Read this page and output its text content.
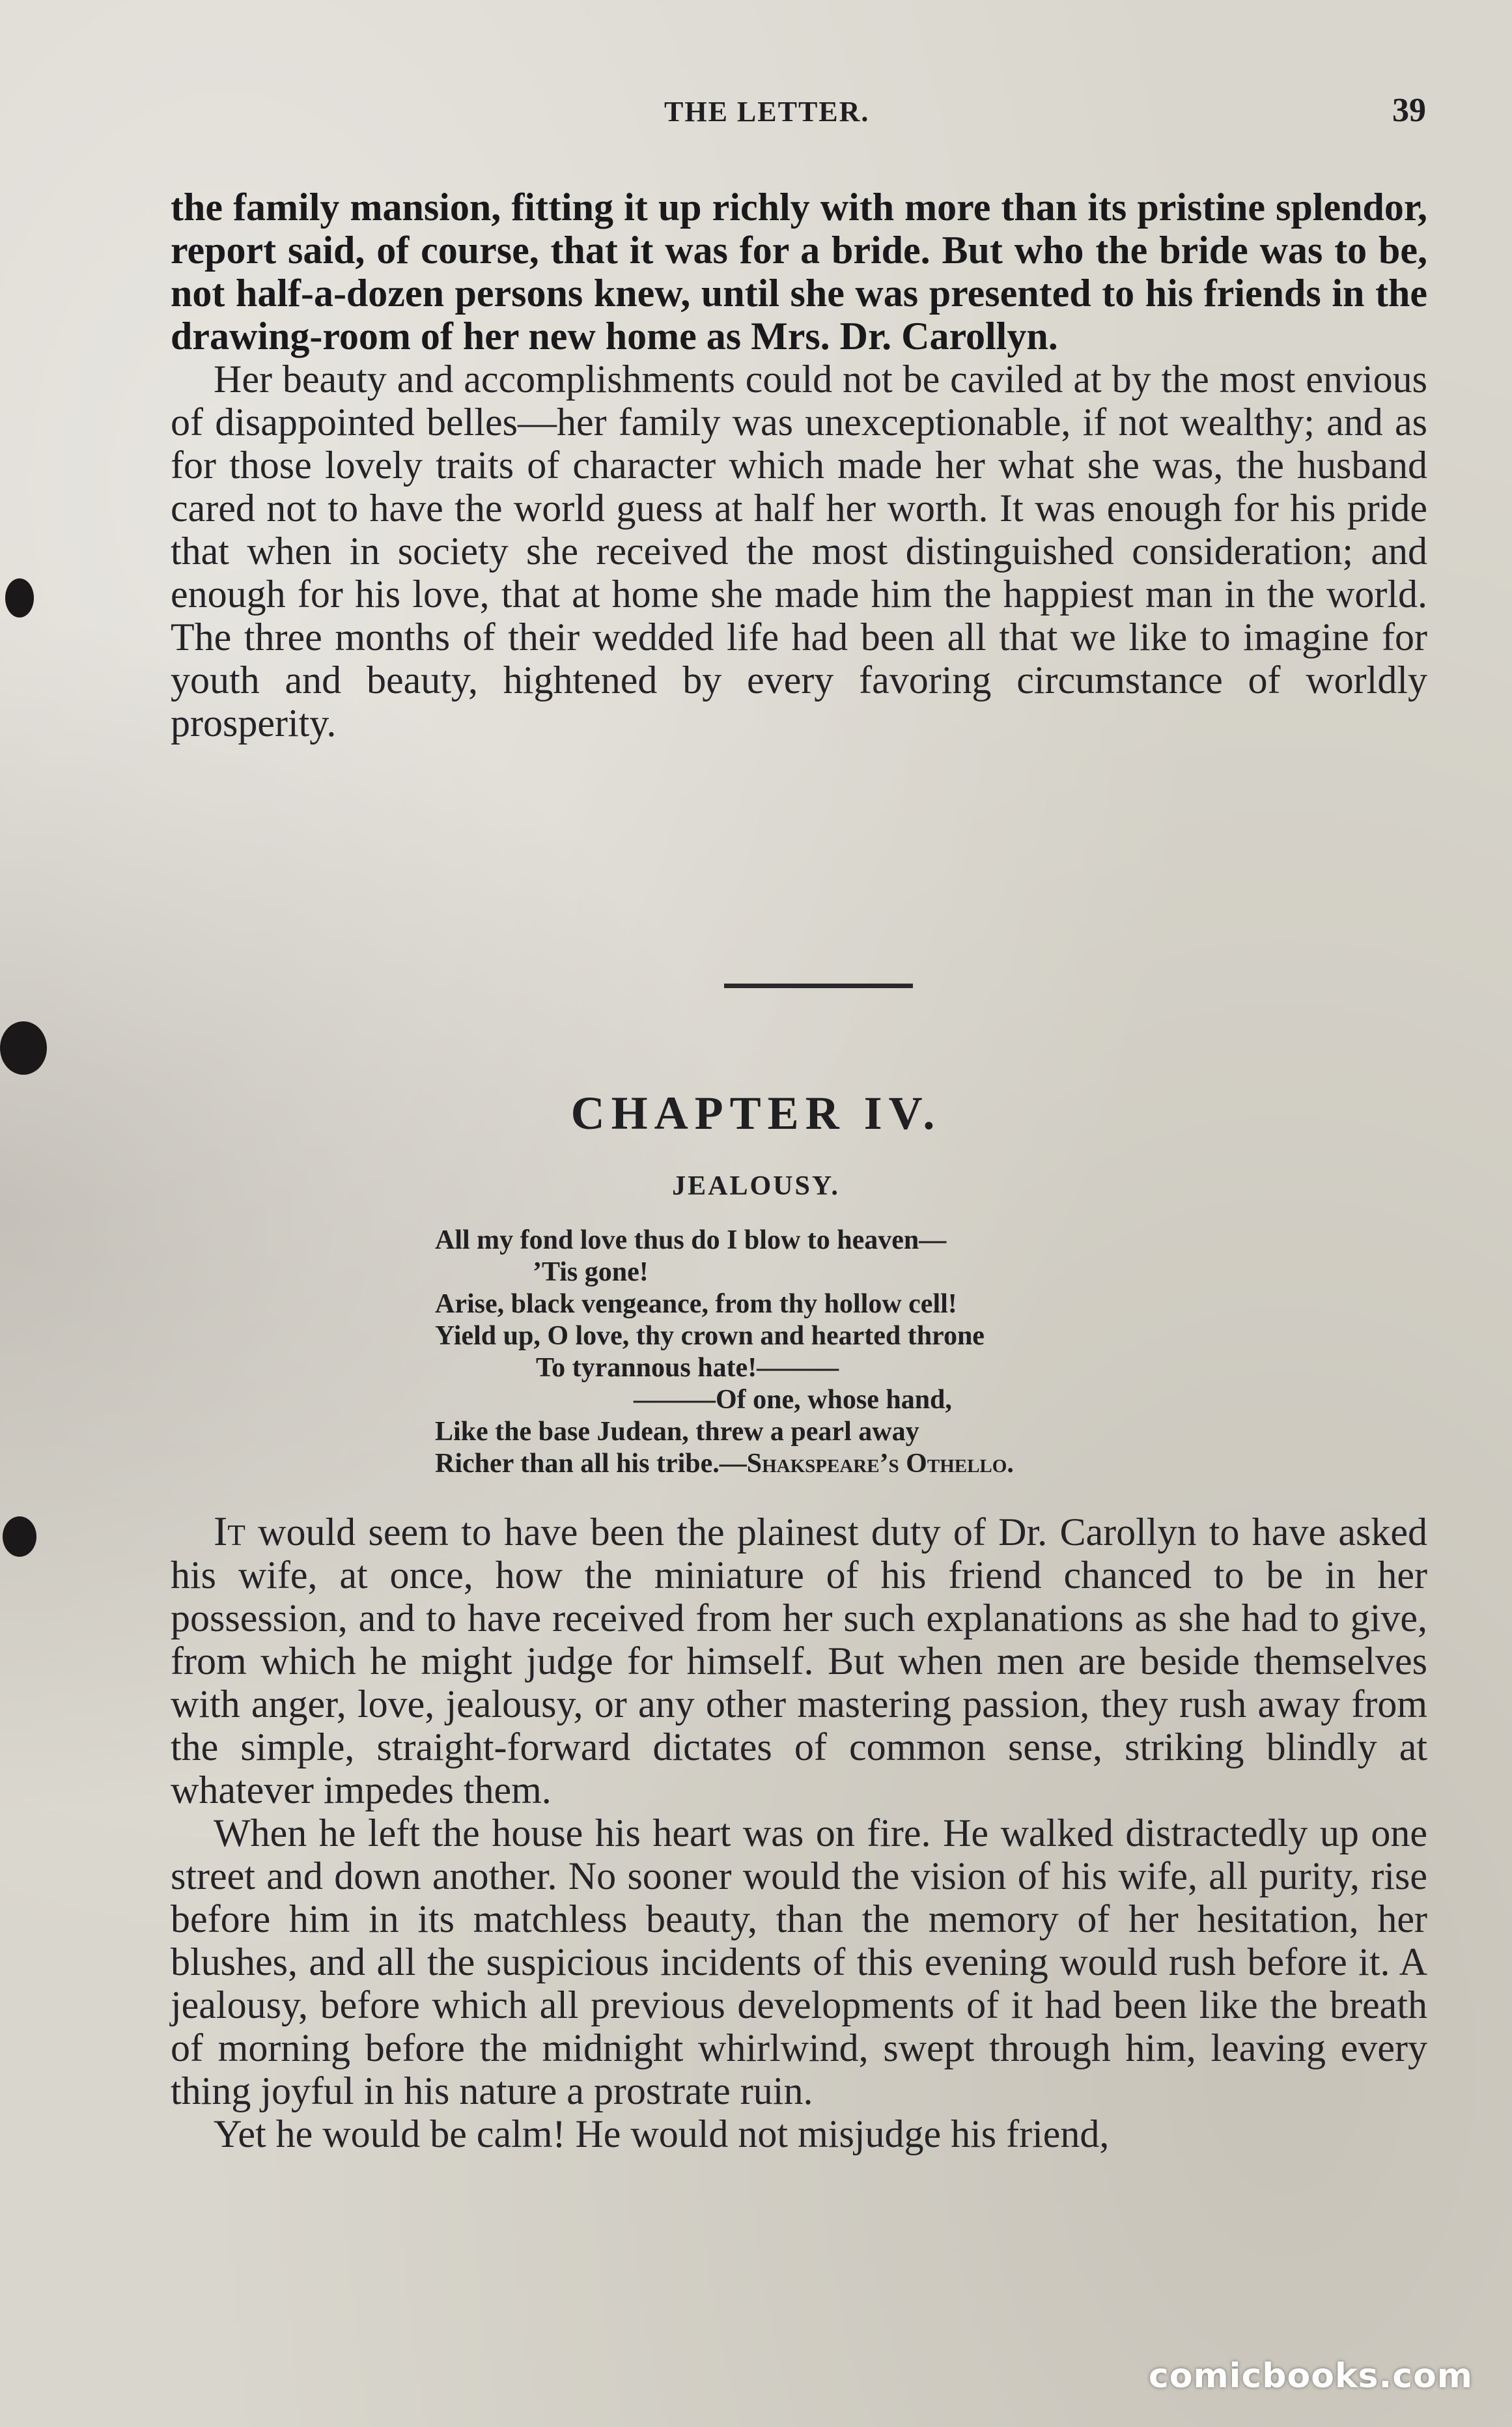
THE LETTER.	39

the family mansion, fitting it up richly with more than its pristine splendor, report said, of course, that it was for a bride. But who the bride was to be, not half-a-dozen persons knew, until she was presented to his friends in the drawing-room of her new home as Mrs. Dr. Carollyn.

Her beauty and accomplishments could not be caviled at by the most envious of disappointed belles—her family was unexceptionable, if not wealthy; and as for those lovely traits of character which made her what she was, the husband cared not to have the world guess at half her worth. It was enough for his pride that when in society she received the most distinguished consideration; and enough for his love, that at home she made him the happiest man in the world. The three months of their wedded life had been all that we like to imagine for youth and beauty, hightened by every favoring circumstance of worldly prosperity.

CHAPTER IV.
JEALOUSY.
All my fond love thus do I blow to heaven—
’Tis gone!
Arise, black vengeance, from thy hollow cell!
Yield up, O love, thy crown and hearted throne
To tyrannous hate!———
———Of one, whose hand,
Like the base Judean, threw a pearl away
Richer than all his tribe.—Shakspeare’s Othello.

It would seem to have been the plainest duty of Dr. Carollyn to have asked his wife, at once, how the miniature of his friend chanced to be in her possession, and to have received from her such explanations as she had to give, from which he might judge for himself. But when men are beside themselves with anger, love, jealousy, or any other mastering passion, they rush away from the simple, straight-forward dictates of common sense, striking blindly at whatever impedes them.

When he left the house his heart was on fire. He walked distractedly up one street and down another. No sooner would the vision of his wife, all purity, rise before him in its matchless beauty, than the memory of her hesitation, her blushes, and all the suspicious incidents of this evening would rush before it. A jealousy, before which all previous developments of it had been like the breath of morning before the midnight whirlwind, swept through him, leaving every thing joyful in his nature a prostrate ruin.

Yet he would be calm! He would not misjudge his friend,

comicbooks.com
